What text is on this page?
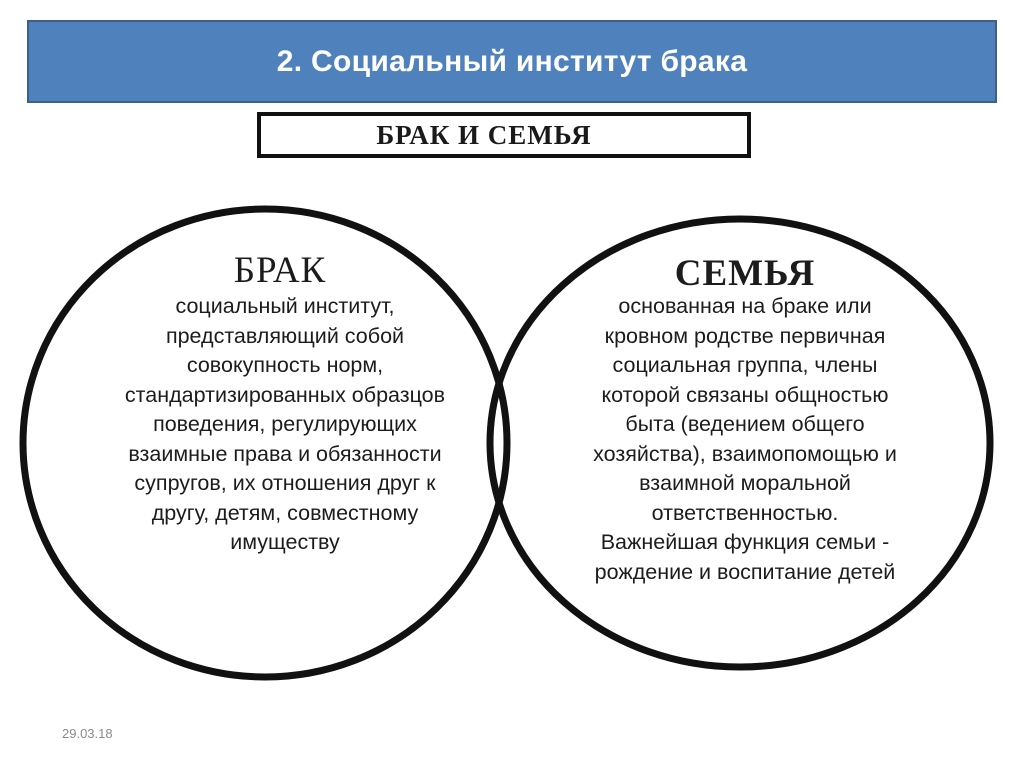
2. Социальный институт брака
БРАК И СЕМЬЯ
БРАК
социальный институт,
представляющий собой
совокупность норм,
стандартизированных образцов
поведения, регулирующих
взаимные права и обязанности
супругов, их отношения друг к
другу, детям, совместному
имуществу
СЕМЬЯ
основанная на браке или
кровном родстве первичная
социальная группа, члены
которой связаны общностью
быта (ведением общего
хозяйства), взаимопомощью и
взаимной моральной
ответственностью.
Важнейшая функция семьи -
рождение и воспитание детей
29.03.18
